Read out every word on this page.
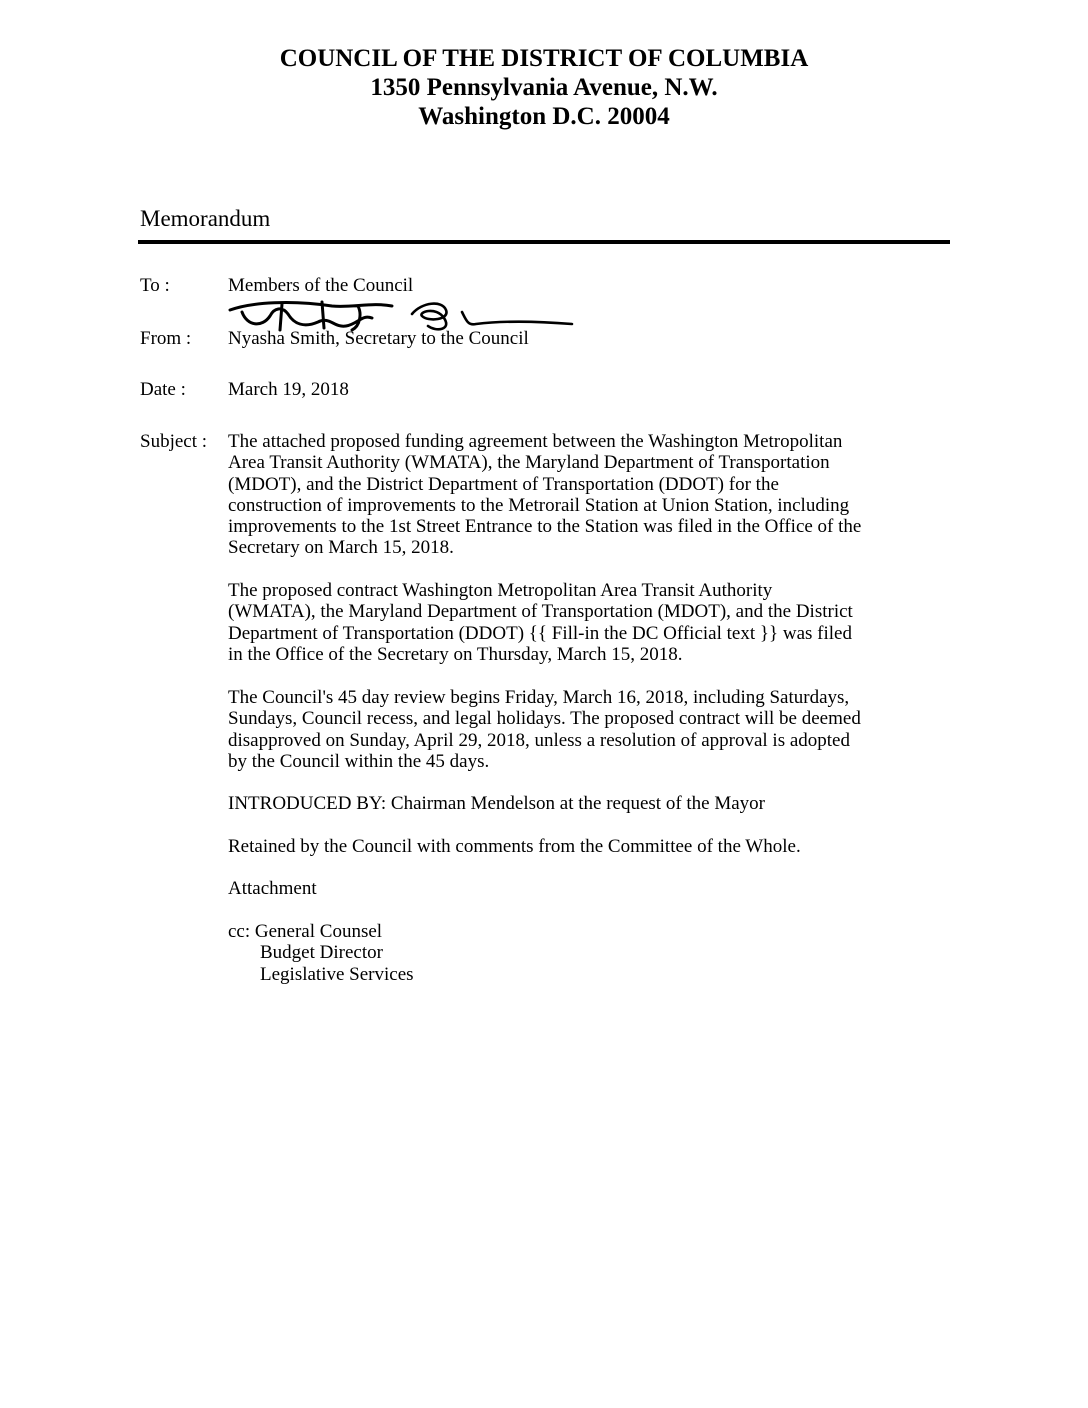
COUNCIL OF THE DISTRICT OF COLUMBIA
1350 Pennsylvania Avenue, N.W.
Washington D.C. 20004
Memorandum
To :	Members of the Council
From : Nyasha Smith, Secretary to the Council
Date : March 19, 2018
Subject : The attached proposed funding agreement between the Washington Metropolitan
Area Transit Authority (WMATA), the Maryland Department of Transportation
(MDOT), and the District Department of Transportation (DDOT) for the
construction of improvements to the Metrorail Station at Union Station, including
improvements to the 1st Street Entrance to the Station was filed in the Office of the
Secretary on March 15, 2018.
The proposed contract Washington Metropolitan Area Transit Authority
(WMATA), the Maryland Department of Transportation (MDOT), and the District
Department of Transportation (DDOT) {{ Fill-in the DC Official text }} was filed
in the Office of the Secretary on Thursday, March 15, 2018.
The Council's 45 day review begins Friday, March 16, 2018, including Saturdays,
Sundays, Council recess, and legal holidays. The proposed contract will be deemed
disapproved on Sunday, April 29, 2018, unless a resolution of approval is adopted
by the Council within the 45 days.
INTRODUCED BY: Chairman Mendelson at the request of the Mayor
Retained by the Council with comments from the Committee of the Whole.
Attachment
cc: General Counsel
Budget Director
Legislative Services
